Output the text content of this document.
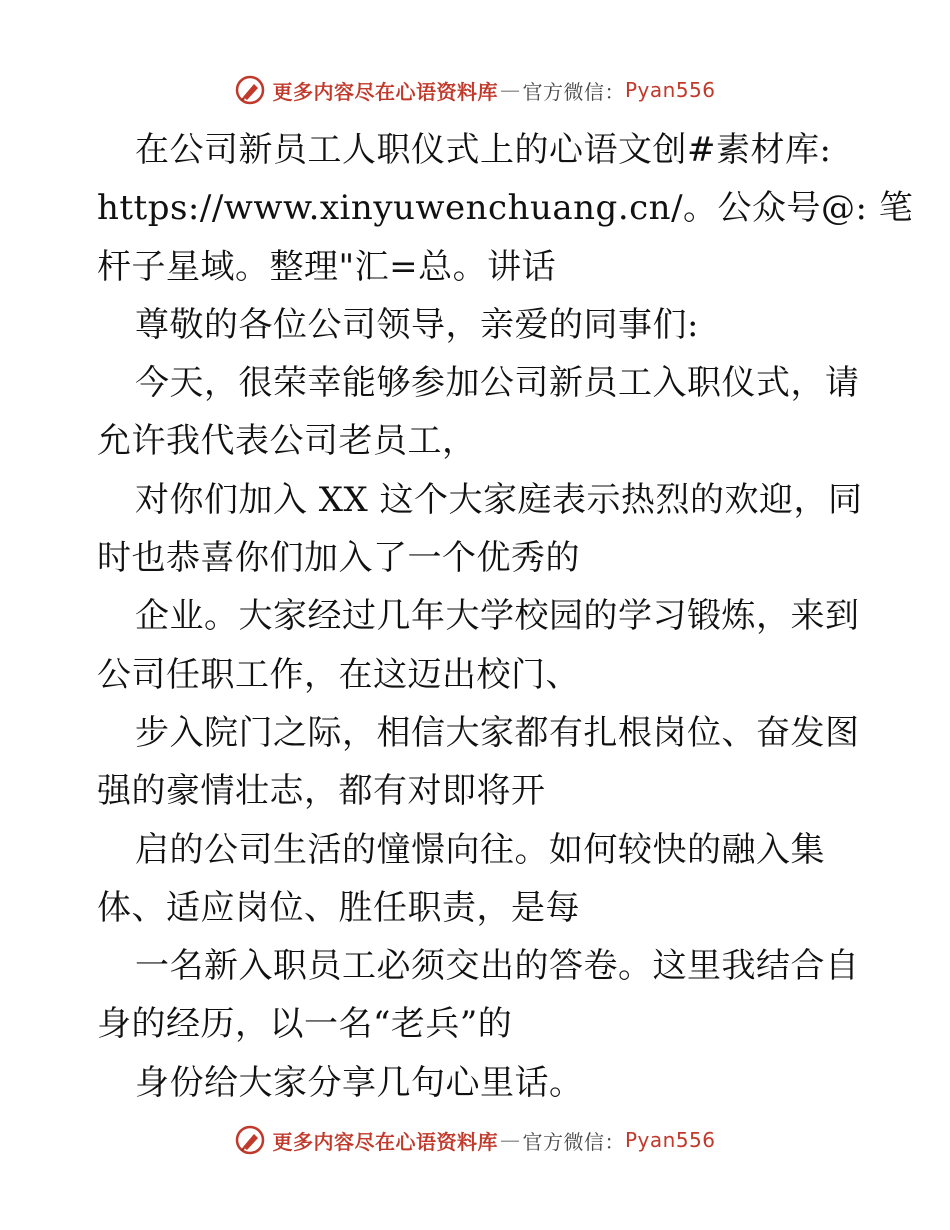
更多内容尽在心语资料库 — 官方微信： Pyan556
在公司新员工人职仪式上的心语文创#素材库:
https://www.xinyuwenchuang.cn/。公众号@: 笔
杆子星域。整理"汇=总。讲话
尊敬的各位公司领导，亲爱的同事们:
今天，很荣幸能够参加公司新员工入职仪式，请
允许我代表公司老员工，
对你们加入 XX 这个大家庭表示热烈的欢迎，同
时也恭喜你们加入了一个优秀的
企业。大家经过几年大学校园的学习锻炼，来到
公司任职工作，在这迈出校门、
步入院门之际，相信大家都有扎根岗位、奋发图
强的豪情壮志，都有对即将开
启的公司生活的憧憬向往。如何较快的融入集
体、适应岗位、胜任职责，是每
一名新入职员工必须交出的答卷。这里我结合自
身的经历，以一名“老兵”的
身份给大家分享几句心里话。
更多内容尽在心语资料库 — 官方微信： Pyan556
